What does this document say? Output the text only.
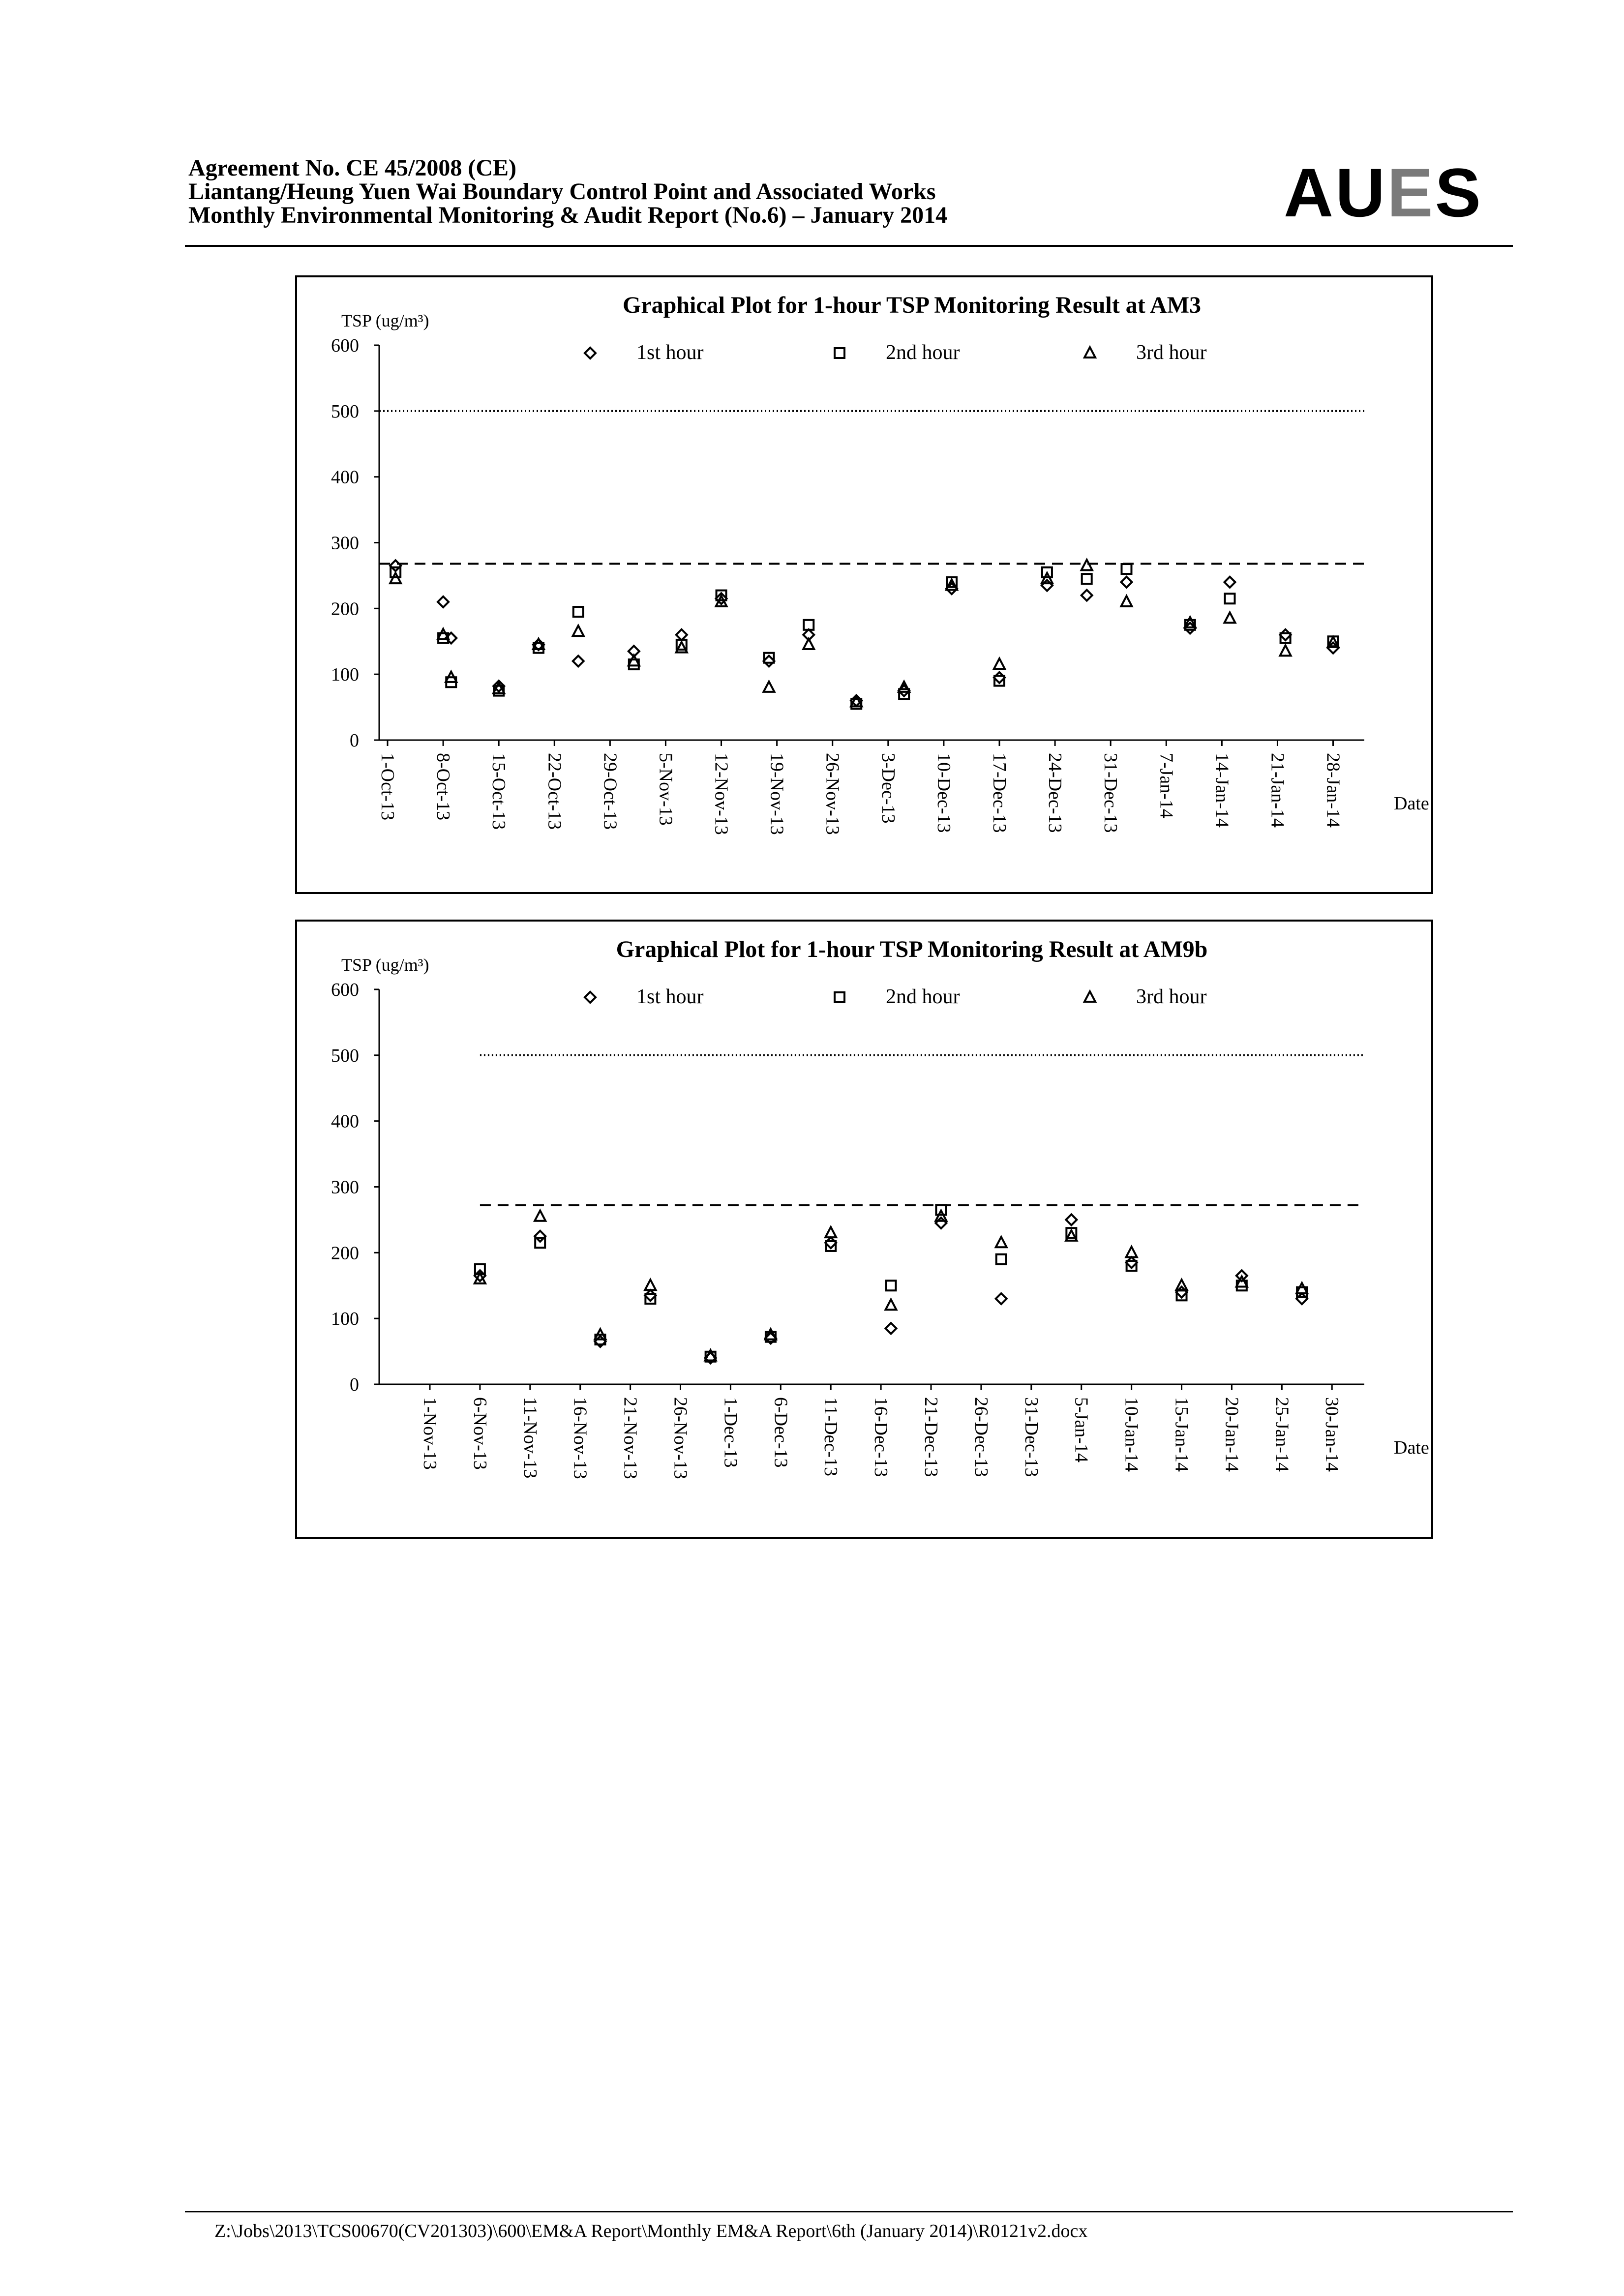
Agreement No. CE 45/2008 (CE)
Liantang/Heung Yuen Wai Boundary Control Point and Associated Works
Monthly Environmental Monitoring & Audit Report (No.6) – January 2014	AUES
Graphical Plot for 1-hour TSP Monitoring Result at AM3
TSP (ug/m³)
Date
0
100
200
300
400
500
600
1-Oct-13 8-Oct-13 15-Oct-13 22-Oct-13 29-Oct-13 5-Nov-13 12-Nov-13 19-Nov-13 26-Nov-13 3-Dec-13 10-Dec-13 17-Dec-13 24-Dec-13 31-Dec-13 7-Jan-14 14-Jan-14 21-Jan-14 28-Jan-14
1st hour	2nd hour	3rd hour
Graphical Plot for 1-hour TSP Monitoring Result at AM9b
TSP (ug/m³)
Date
0
100
200
300
400
500
600
1-Nov-13 6-Nov-13 11-Nov-13 16-Nov-13 21-Nov-13 26-Nov-13 1-Dec-13 6-Dec-13 11-Dec-13 16-Dec-13 21-Dec-13 26-Dec-13 31-Dec-13 5-Jan-14 10-Jan-14 15-Jan-14 20-Jan-14 25-Jan-14 30-Jan-14
1st hour	2nd hour	3rd hour
Z:\Jobs\2013\TCS00670(CV201303)\600\EM&A Report\Monthly EM&A Report\6th (January 2014)\R0121v2.docx
